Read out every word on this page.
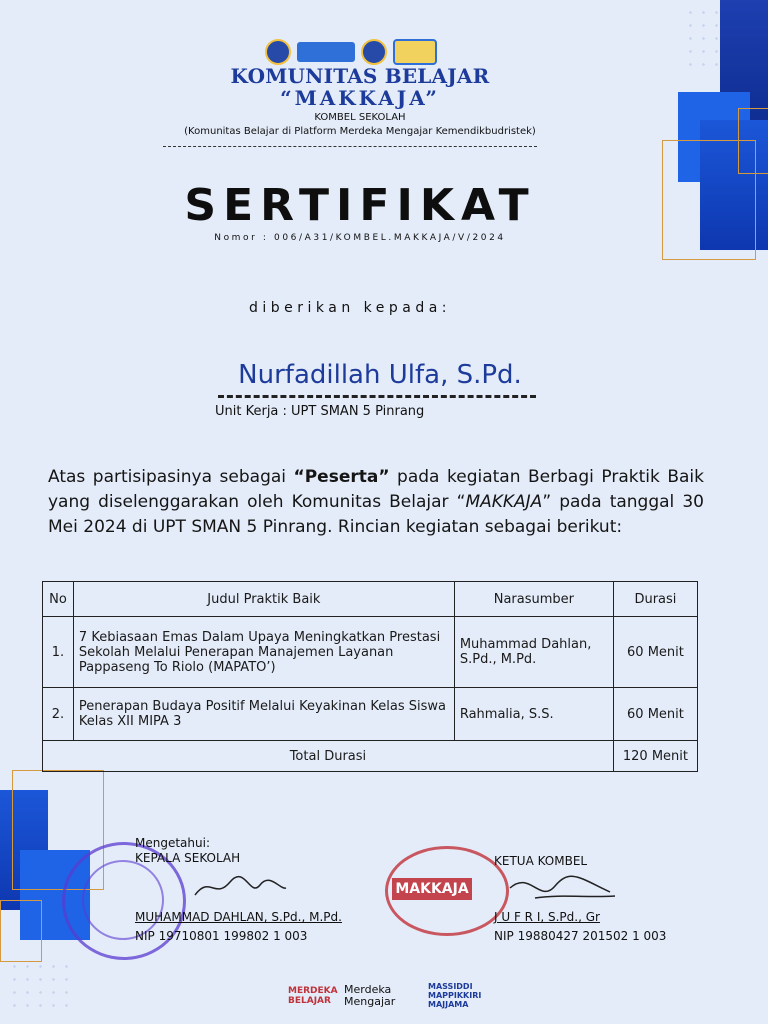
KOMUNITAS BELAJAR
“MAKKAJA”
KOMBEL SEKOLAH
(Komunitas Belajar di Platform Merdeka Mengajar Kemendikbudristek)
SERTIFIKAT
Nomor : 006/A31/KOMBEL.MAKKAJA/V/2024
diberikan kepada:
Nurfadillah Ulfa, S.Pd.
Unit Kerja : UPT SMAN 5 Pinrang
Atas partisipasinya sebagai “Peserta” pada kegiatan Berbagi Praktik Baik yang diselenggarakan oleh Komunitas Belajar “MAKKAJA” pada tanggal 30 Mei 2024 di UPT SMAN 5 Pinrang. Rincian kegiatan sebagai berikut:
No	Judul Praktik Baik	Narasumber	Durasi
1.	7 Kebiasaan Emas Dalam Upaya Meningkatkan Prestasi Sekolah Melalui Penerapan Manajemen Layanan Pappaseng To Riolo (MAPATO’)	Muhammad Dahlan, S.Pd., M.Pd.	60 Menit
2.	Penerapan Budaya Positif Melalui Keyakinan Kelas Siswa Kelas XII MIPA 3	Rahmalia, S.S.	60 Menit
Total Durasi			120 Menit
Mengetahui:
KEPALA SEKOLAH
MUHAMMAD DAHLAN, S.Pd., M.Pd.
NIP 19710801 199802 1 003
MAKKAJA
KETUA KOMBEL
J U F R I, S.Pd., Gr
NIP 19880427 201502 1 003
MERDEKA BELAJAR
Merdeka Mengajar
MASSIDDI MAPPIKKIRI MAJJAMA
